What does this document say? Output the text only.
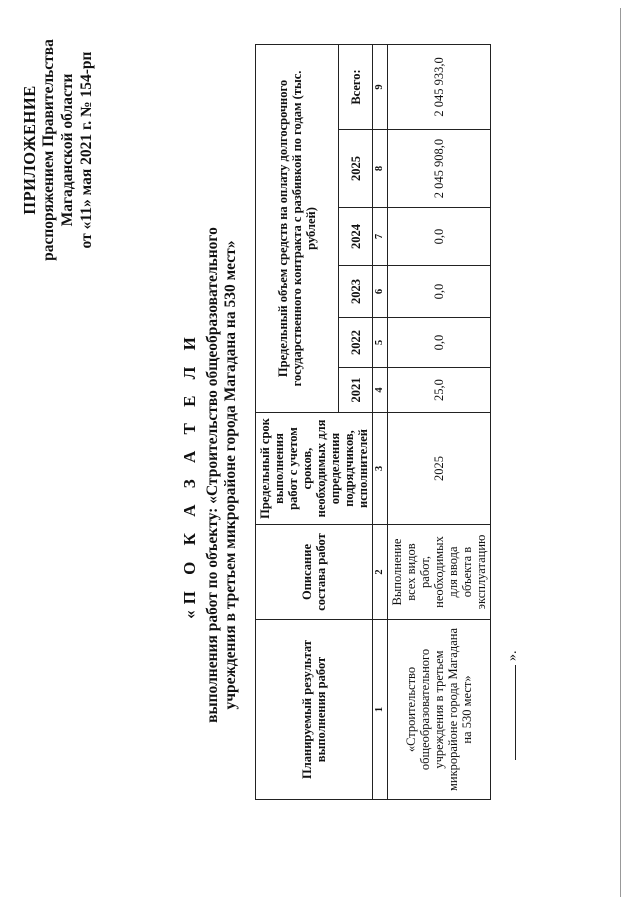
ПРИЛОЖЕНИЕ распоряжением Правительства Магаданской области от «11» мая 2021 г. № 154-рп
«П О К А З А Т Е Л И выполнения работ по объекту: «Строительство общеобразовательного учреждения в третьем микрорайоне города Магадана на 530 мест»
Планируемый результат выполнения работ	Описание состава работ	Предельный срок выполнения работ с учетом сроков, необходимых для определения подрядчиков, исполнителей	Предельный объем средств на оплату долгосрочного государственного контракта с разбивкой по годам (тыс. рублей)					
			2021	2022	2023	2024	2025	Всего:
1	2	3	4	5	6	7	8	9
«Строительство общеобразовательного учреждения в третьем микрорайоне города Магадана на 530 мест»	Выполнение всех видов работ, необходимых для ввода объекта в эксплуатацию	2025	25,0	0,0	0,0	0,0	2 045 908,0	2 045 933,0
».
